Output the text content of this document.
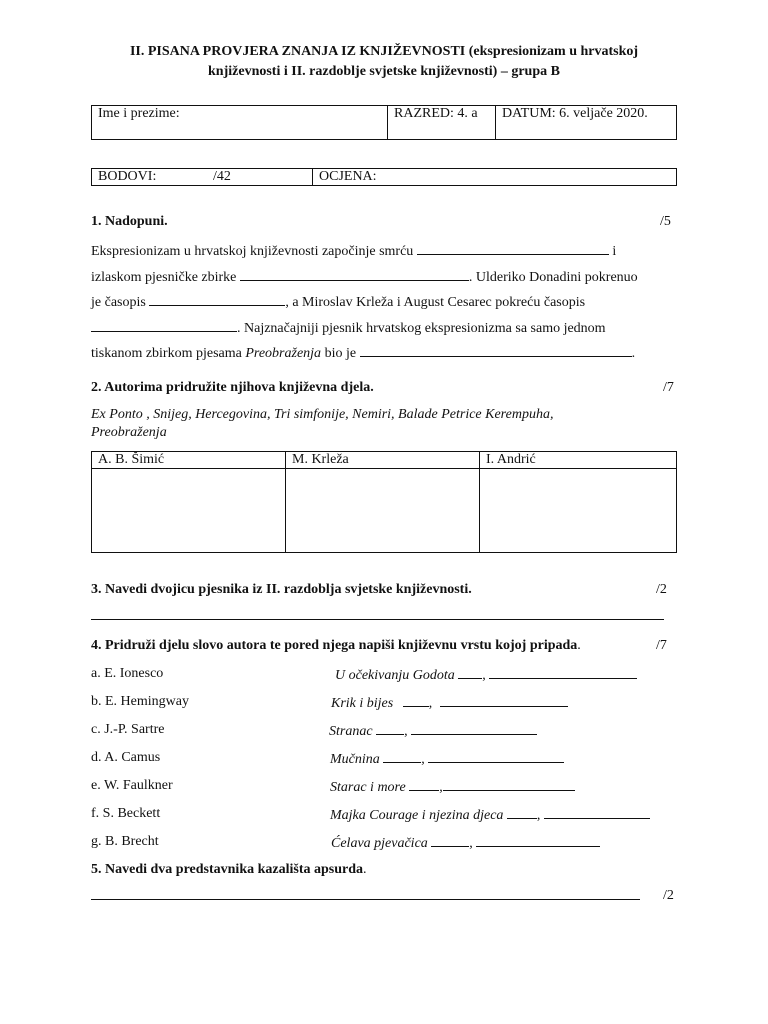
II. PISANA PROVJERA ZNANJA IZ KNJIŽEVNOSTI (ekspresionizam u hrvatskoj
književnosti i II. razdoblje svjetske književnosti) – grupa B
Ime i prezime:	RAZRED: 4. a	DATUM: 6. veljače 2020.
BODOVI:	/42	OCJENA:
1. Nadopuni.	/5
Ekspresionizam u hrvatskoj književnosti započinje smrću	i
izlaskom pjesničke zbirke	. Ulderiko Donadini pokrenuo
je časopis	, a Miroslav Krleža i August Cesarec pokreću časopis
. Najznačajniji pjesnik hrvatskog ekspresionizma sa samo jednom
tiskanom zbirkom pjesama Preobraženja bio je	.
2. Autorima pridružite njihova književna djela.	/7
Ex Ponto , Snijeg, Hercegovina, Tri simfonije, Nemiri, Balade Petrice Kerempuha,
Preobraženja
A. B. Šimić	M. Krleža	I. Andrić

3. Navedi dvojicu pjesnika iz II. razdoblja svjetske književnosti.	/2
4. Pridruži djelu slovo autora te pored njega napiši književnu vrstu kojoj pripada.	/7
a. E. Ionesco	U očekivanju Godota ,
b. E. Hemingway	Krik i bijes	,
c. J.-P. Sartre	Stranac ,
d. A. Camus	Mučnina	,
e. W. Faulkner	Starac i more ,
f. S. Beckett	Majka Courage i njezina djeca ,
g. B. Brecht	Ćelava pjevačica	,
5. Navedi dva predstavnika kazališta apsurda.
/2
